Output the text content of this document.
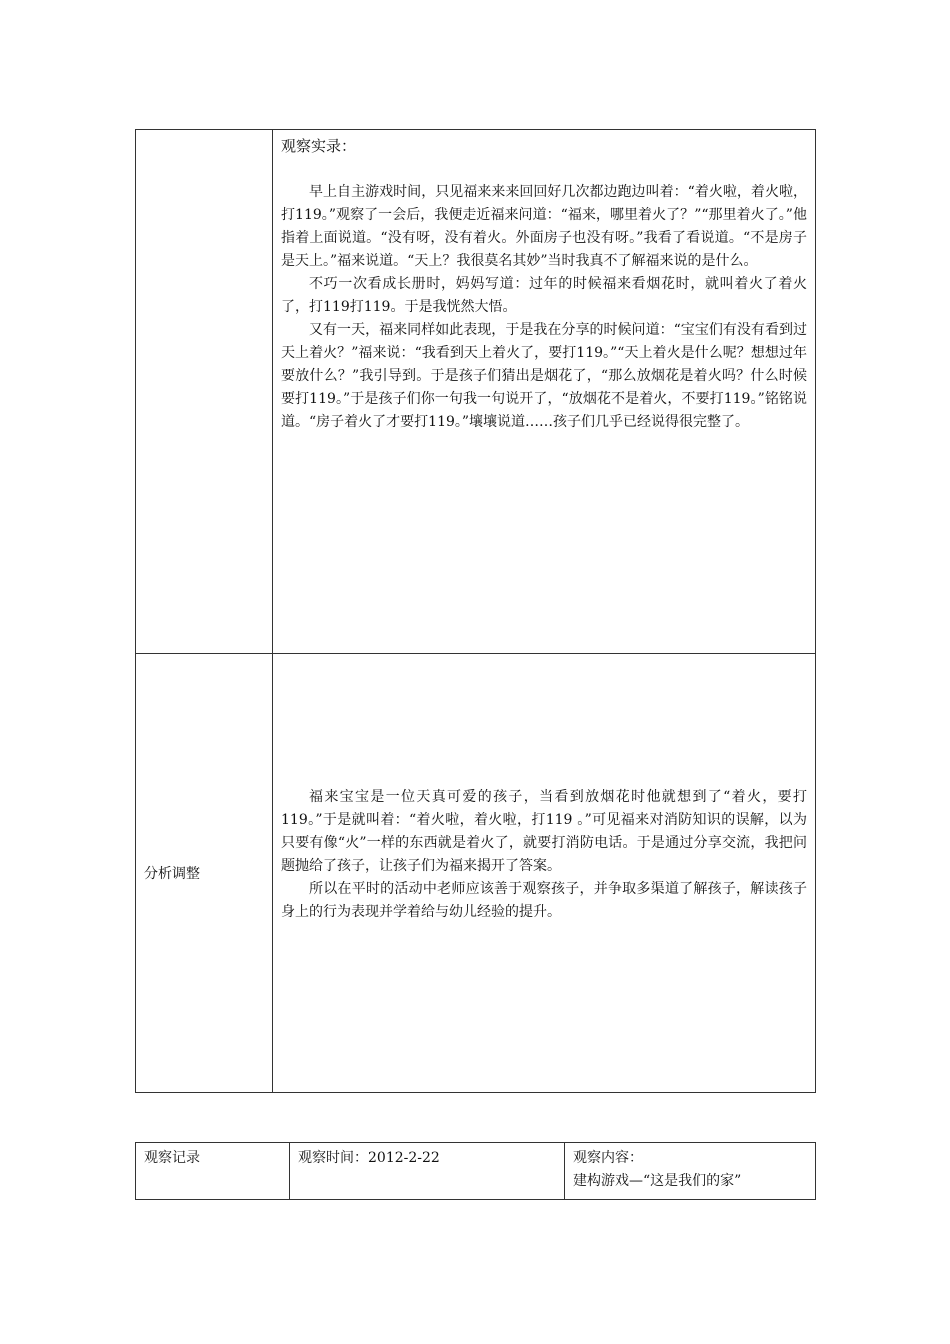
	观察实录：

早上自主游戏时间，只见福来来来回回好几次都边跑边叫着：“着火啦，着火啦，打119。”观察了一会后，我便走近福来问道：“福来，哪里着火了？”“那里着火了。”他指着上面说道。“没有呀，没有着火。外面房子也没有呀。”我看了看说道。“不是房子是天上。”福来说道。“天上？我很莫名其妙”当时我真不了解福来说的是什么。

不巧一次看成长册时，妈妈写道：过年的时候福来看烟花时，就叫着火了着火了，打119打119。于是我恍然大悟。

又有一天，福来同样如此表现，于是我在分享的时候问道：“宝宝们有没有看到过天上着火？”福来说：“我看到天上着火了，要打119。”“天上着火是什么呢？想想过年要放什么？”我引导到。于是孩子们猜出是烟花了，“那么放烟花是着火吗？什么时候要打119。”于是孩子们你一句我一句说开了，“放烟花不是着火，不要打119。”铭铭说道。“房子着火了才要打119。”壤壤说道……孩子们几乎已经说得很完整了。

分析调整	福来宝宝是一位天真可爱的孩子，当看到放烟花时他就想到了“着火，要打119。”于是就叫着：“着火啦，着火啦，打119 。”可见福来对消防知识的误解，以为只要有像“火”一样的东西就是着火了，就要打消防电话。于是通过分享交流，我把问题抛给了孩子，让孩子们为福来揭开了答案。

所以在平时的活动中老师应该善于观察孩子，并争取多渠道了解孩子，解读孩子身上的行为表现并学着给与幼儿经验的提升。

观察记录	观察时间：2012-2-22	观察内容：
建构游戏—“这是我们的家”
